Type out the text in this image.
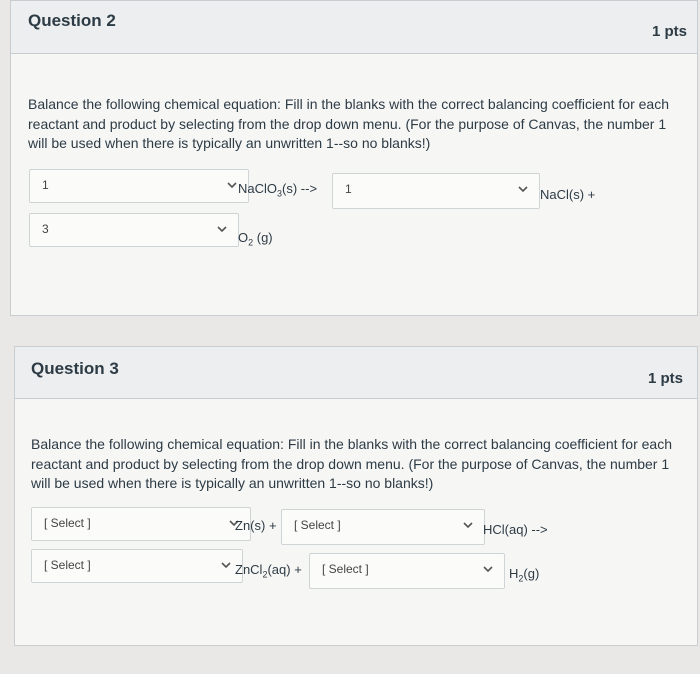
Question 2
1 pts
Balance the following chemical equation: Fill in the blanks with the correct balancing coefficient for each reactant and product by selecting from the drop down menu. (For the purpose of Canvas, the number 1 will be used when there is typically an unwritten 1--so no blanks!)
1	NaClO$_3$(s) --> 1	NaCl(s) +
3
$O_2$ (g)
Question 3
1 pts
Balance the following chemical equation: Fill in the blanks with the correct balancing coefficient for each reactant and product by selecting from the drop down menu. (For the purpose of Canvas, the number 1 will be used when there is typically an unwritten 1--so no blanks!)
[ Select ]	Zn(s) + [ Select ]	HCl(aq) -->
[ Select ]	ZnCl$_2$(aq) + [ Select ]	$H_2(g)$
